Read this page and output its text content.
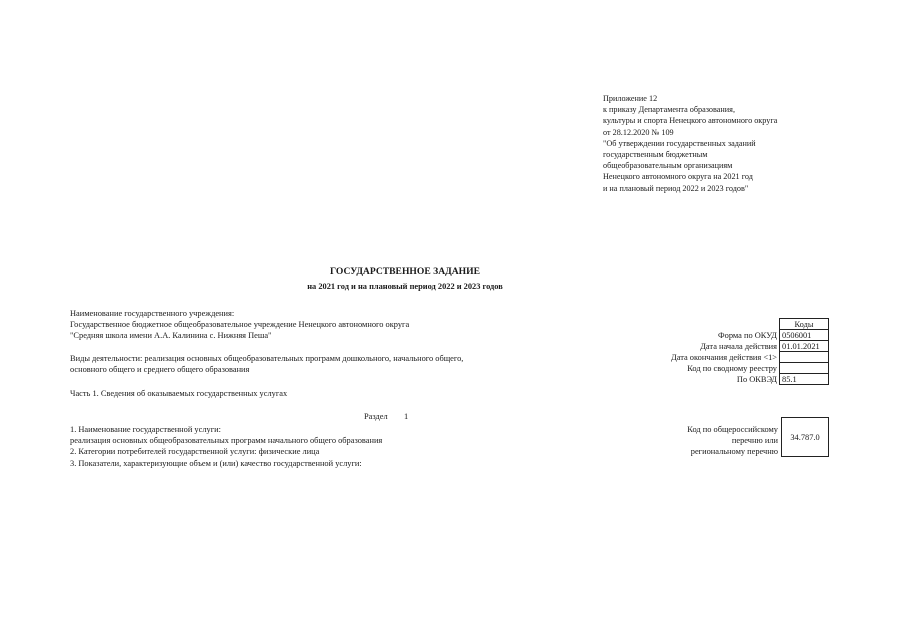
Приложение 12
к приказу Департамента образования,
культуры и спорта Ненецкого автономного округа
от 28.12.2020 № 109
"Об утверждении государственных заданий
государственным бюджетным
общеобразовательным организациям
Ненецкого автономного округа на 2021 год
и на плановый период 2022 и 2023 годов"
ГОСУДАРСТВЕННОЕ ЗАДАНИЕ
на 2021 год и на плановый период 2022 и 2023 годов
Наименование государственного учреждения:
Государственное бюджетное общеобразовательное учреждение Ненецкого автономного округа
"Средняя школа имени А.А. Калинина с. Нижняя Пеша"
Виды деятельности: реализация основных общеобразовательных программ дошкольного, начального общего,
основного общего и среднего общего образования
Часть 1. Сведения об оказываемых государственных услугах
Коды
Форма по ОКУД 0506001
Дата начала действия 01.01.2021
Дата окончания действия <1>
Код по сводному реестру
По ОКВЭД 85.1
Раздел 1
1. Наименование государственной услуги:
реализация основных общеобразовательных программ начального общего образования
2. Категории потребителей государственной услуги: физические лица
3. Показатели, характеризующие объем и (или) качество государственной услуги:
Код по общероссийскому
перечню или
региональному перечню
34.787.0
